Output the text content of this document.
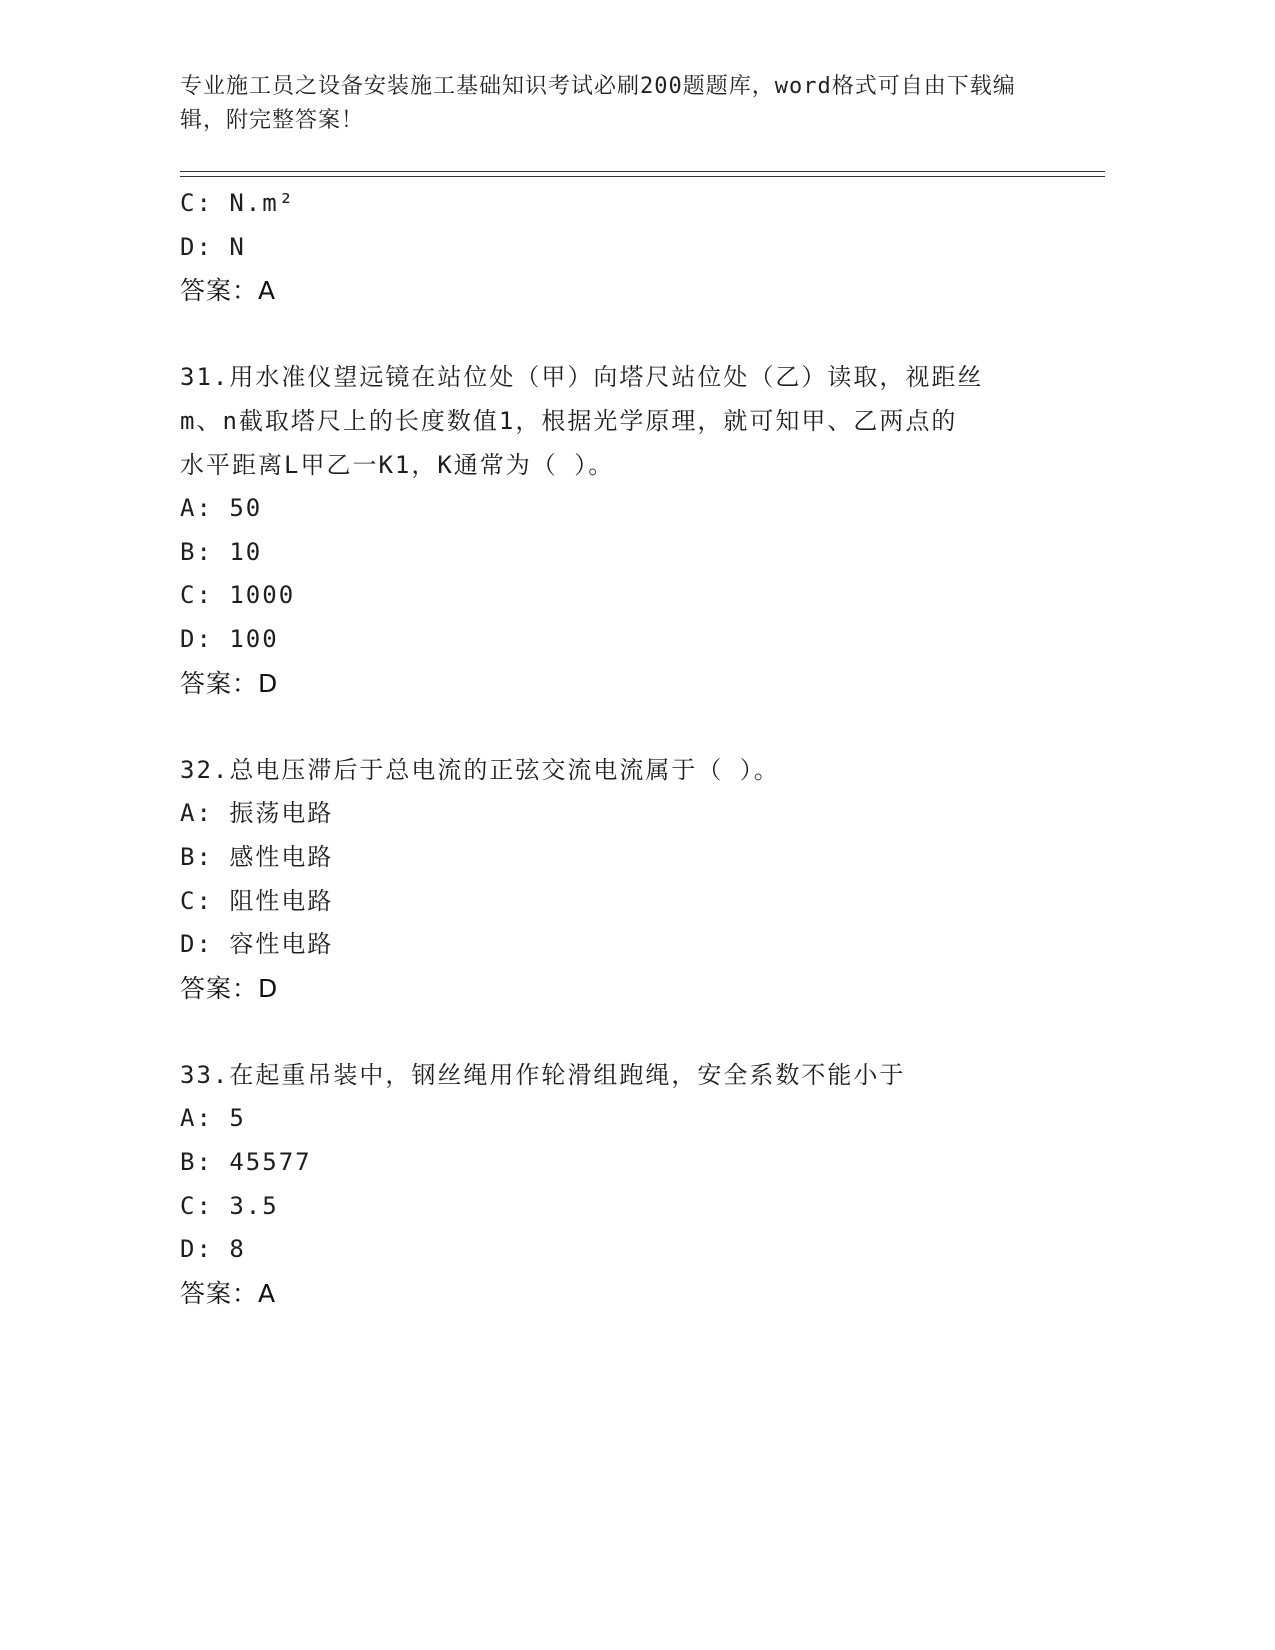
专业施工员之设备安装施工基础知识考试必刷200题题库，word格式可自由下载编辑，附完整答案！
C: N.m²
D: N
答案：A
31.用水准仪望远镜在站位处（甲）向塔尺站位处（乙）读取，视距丝
m、n截取塔尺上的长度数值1，根据光学原理，就可知甲、乙两点的
水平距离L甲乙一K1，K通常为（ ）。
A: 50
B: 10
C: 1000
D: 100
答案：D
32.总电压滞后于总电流的正弦交流电流属于（ ）。
A: 振荡电路
B: 感性电路
C: 阻性电路
D: 容性电路
答案：D
33.在起重吊装中，钢丝绳用作轮滑组跑绳，安全系数不能小于
A: 5
B: 45577
C: 3.5
D: 8
答案：A
